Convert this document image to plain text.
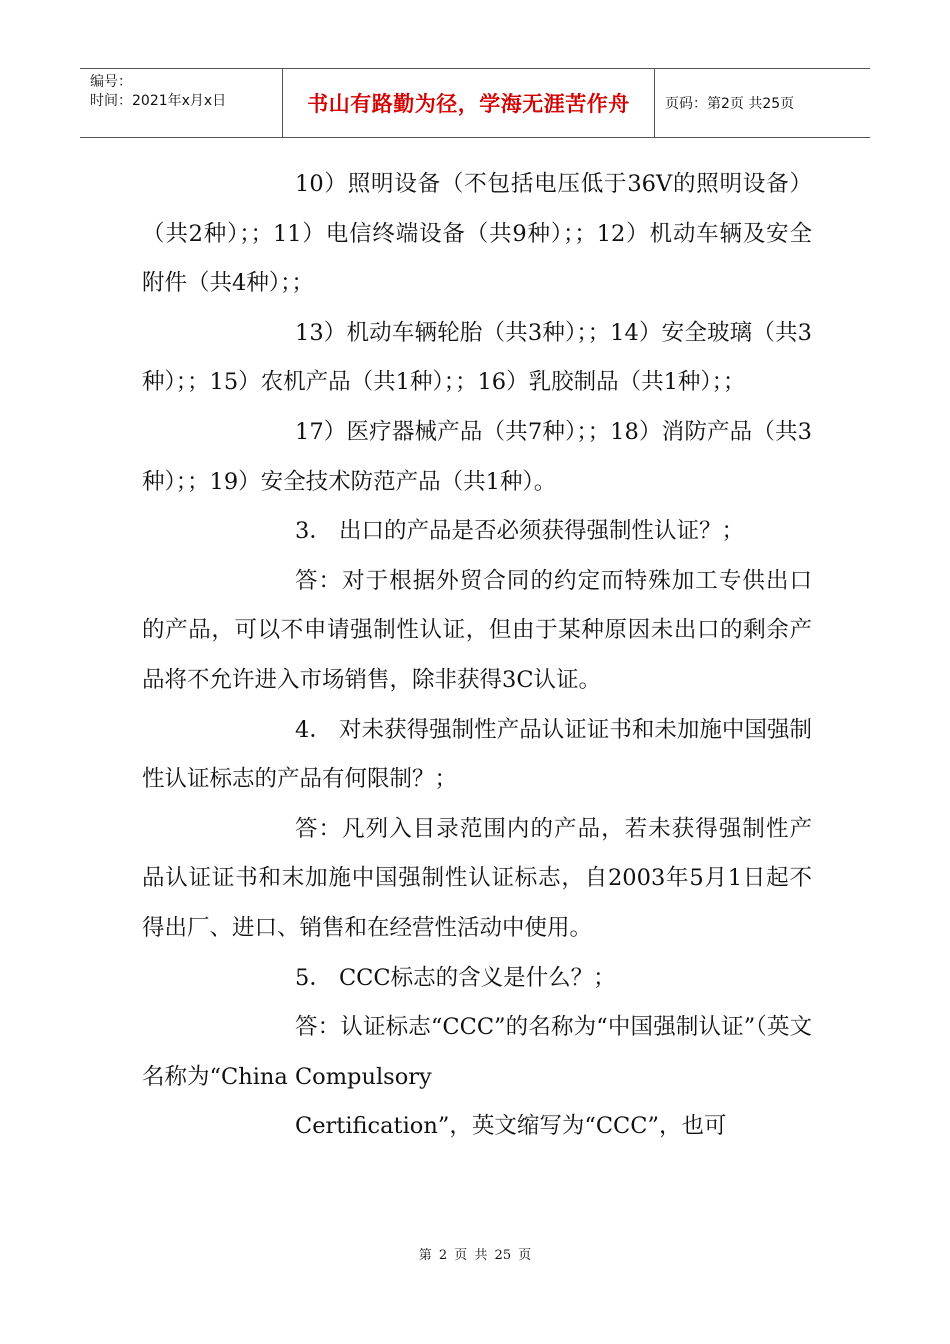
编号：
时间：2021年x月x日	书山有路勤为径，学海无涯苦作舟	页码：第2页 共25页

10）照明设备（不包括电压低于36V的照明设备）（共2种）；；11）电信终端设备（共9种）；；12）机动车辆及安全附件（共4种）；；

13）机动车辆轮胎（共3种）；；14）安全玻璃（共3种）；；15）农机产品（共1种）；；16）乳胶制品（共1种）；；

17）医疗器械产品（共7种）；；18）消防产品（共3种）；；19）安全技术防范产品（共1种）。

3． 出口的产品是否必须获得强制性认证？；

答：对于根据外贸合同的约定而特殊加工专供出口的产品，可以不申请强制性认证，但由于某种原因未出口的剩余产品将不允许进入市场销售，除非获得3C认证。

4． 对未获得强制性产品认证证书和未加施中国强制性认证标志的产品有何限制？；

答：凡列入目录范围内的产品，若未获得强制性产品认证证书和末加施中国强制性认证标志，自2003年5月1日起不得出厂、进口、销售和在经营性活动中使用。

5． CCC标志的含义是什么？；

答：认证标志“CCC”的名称为“中国强制认证”（英文名称为“China Compulsory

Certification”，英文缩写为“CCC”，也可

第 2 页 共 25 页
